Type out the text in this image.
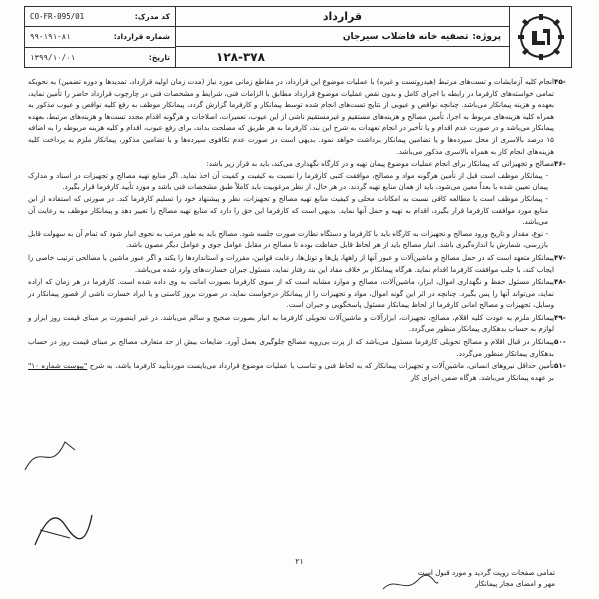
قرارداد
پروژه:
تصفیه خانه فاضلاب سیرجان
۱۲۸-۳۷۸
کد مدرک:
CO-FR-095/01
شماره قرارداد:
۹۹-۱۹۱-۸۱
تاریخ:
۱۳۹۹/۱۰/۰۱
۴۵-
انجام کلیه آزمایشات و تست‌های مرتبط (هیدروتست و غیره) با عملیات موضوع این قرارداد، در مقاطع زمانی مورد نیاز (مدت زمان اولیه قرارداد، تمدیدها و دوره تضمین) به نحویکه تمامی خواسته‌های کارفرما در رابطه با اجرای کامل و بدون نقص عملیات موضوع قرارداد مطابق با الزامات فنی، شرایط و مشخصات فنی در چارچوب قرارداد حاضر را تأمین نماید، بعهده و هزینه پیمانکار می‌باشد. چنانچه نواقص و عیوبی از نتایج تست‌های انجام شده توسط پیمانکار و کارفرما گزارش گردد، پیمانکار موظف به رفع کلیه نواقص و عیوب مذکور به همراه کلیه هزینه‌های مربوط به اجرا، تأمین مصالح و هزینه‌های مستقیم و غیرمستقیم ناشی از این عیوب، تعمیرات، اصلاحات و هرگونه اقدام مجدد تست‌ها و هزینه‌های مرتبط، بعهده پیمانکار می‌باشد و در صورت عدم اقدام و یا تأخیر در انجام تعهدات به شرح این بند، کارفرما به هر طریق که مصلحت بداند، برای رفع عیوب، اقدام و کلیه هزینه مربوطه را به اضافه ۱۵ درصد بالاسری از محل سپرده‌ها و یا تضامین پیمانکار برداشت خواهد نمود. بدیهی است در صورت عدم تکافوی سپرده‌ها و یا تضامین مذکور، پیمانکار ملزم به پرداخت کلیه هزینه‌های انجام کار به همراه بالاسری مذکور می‌باشد.
۴۶-
مصالح و تجهیزاتی که پیمانکار برای انجام عملیات موضوع پیمان تهیه و در کارگاه نگهداری می‌کند، باید به قرار زیر باشد:
- پیمانکار موظف است قبل از تأمین هرگونه مواد و مصالح، موافقت کتبی کارفرما را نسبت به کیفیت و کمیت آن اخذ نماید. اگر منابع تهیه مصالح و تجهیزات در اسناد و مدارک پیمان تعیین شده یا بعداً معین می‌شود، باید از همان منابع تهیه گردند. در هر حال، از نظر مرغوبیت باید کاملاً طبق مشخصات فنی باشد و مورد تأیید کارفرما قرار بگیرد.
- پیمانکار موظف است با مطالعه کافی نسبت به امکانات محلی و کیفیت منابع تهیه مصالح و تجهیزات، نظر و پیشنهاد خود را تسلیم کارفرما کند. در صورتی که استفاده از این منابع مورد موافقت کارفرما قرار بگیرد، اقدام به تهیه و حمل آنها نماید. بدیهی است که کارفرما این حق را دارد که منابع تهیه مصالح را تغییر دهد و پیمانکار موظف به رعایت آن می‌باشد.
- نوع، مقدار و تاریخ ورود مصالح و تجهیزات به کارگاه باید با کارفرما و دستگاه نظارت صورت جلسه شود. مصالح باید به طور مرتب به نحوی انبار شود که تمام آن به سهولت قابل بازرسی، شمارش یا اندازه‌گیری باشد. انبار مصالح باید از هر لحاظ قابل حفاظت بوده تا مصالح در مقابل عوامل جوی و عوامل دیگر مصون باشد.
۴۷-
پیمانکار متعهد است که در حمل مصالح و ماشین‌آلات و عبور آنها از راهها، پل‌ها و تونل‌ها، رعایت قوانین، مقررات و استانداردها را یکند و اگر عبور ماشین یا مصالحی ترتیب خاصی را ایجاب کند، با جلب موافقت کارفرما اقدام نماید. هرگاه پیمانکار بر خلاف مفاد این بند رفتار نماید، مسئول جبران خسارت‌های وارد شده می‌باشد.
۴۸-
پیمانکار مسئول حفظ و نگهداری اموال، ابزار، ماشین‌آلات، مصالح و موارد مشابه است که از سوی کارفرما بصورت امانت به وی داده شده است. کارفرما در هر زمان که اراده نماید، می‌تواند آنها را پس بگیرد. چنانچه در اثر این گونه اموال، مواد و تجهیزات را از پیمانکار درخواست نماید، در صورت بروز کاستی و یا ایراد خسارت ناشی از قصور پیمانکار در وسایل، تجهیزات و مصالح امانی کارفرما از لحاظ پیمانکار مسئول پاسخگویی و جبران است.
۴۹-
پیمانکار ملزم به عودت کلیه اقلام، مصالح، تجهیزات، ابزارآلات و ماشین‌آلات تحویلی کارفرما به انبار بصورت صحیح و سالم می‌باشد. در غیر اینصورت بر مبنای قیمت روز ابزار و لوازم به حساب بدهکاری پیمانکار منظور می‌گردد.
۵۰-
پیمانکار در قبال اقلام و مصالح تحویلی کارفرما مسئول می‌باشد که از پرت بی‌رویه مصالح جلوگیری بعمل آورد. ضایعات بیش از حد متعارف مصالح بر مبنای قیمت روز در حساب بدهکاری پیمانکار منظور می‌گردد.
۵۱-
تأمین حداقل نیروهای انسانی، ماشین‌آلات و تجهیزات پیمانکار که به لحاظ فنی و تناسب با عملیات موضوع قرارداد می‌بایست موردتأیید کارفرما باشد، به شرح "پیوست شماره ۱۰" بر عهده پیمانکار می‌باشد. هرگاه ضمن اجرای کار
۲۱
تمامی صفحات رویت گردید و مورد قبول است
مهر و امضای مجاز پیمانکار
